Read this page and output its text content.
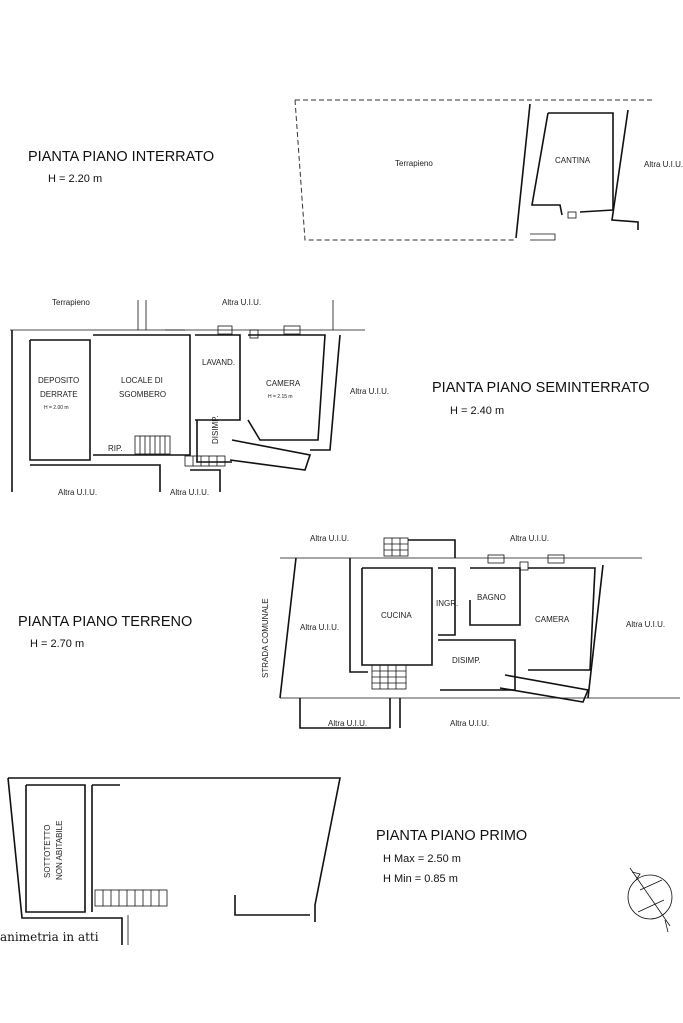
Terrapieno	CANTINA	Altra U.I.U.
PIANTA PIANO INTERRATO
H = 2.20 m
Terrapieno	Altra U.I.U.
Altra U.I.U.
Altra U.I.U.	Altra U.I.U.
DEPOSITO
DERRATE
H = 2.00 m
LOCALE DI
SGOMBERO
LAVAND.
CAMERA
H = 2.15 m
DISIMP.
RIP.
PIANTA PIANO SEMINTERRATO
H = 2.40 m
Altra U.I.U.	Altra U.I.U.
Altra U.I.U.	Altra U.I.U.
Altra U.I.U.	Altra U.I.U.
STRADA COMUNALE	CUCINA
INGR.
BAGNO
CAMERA
DISIMP.
PIANTA PIANO TERRENO
H = 2.70 m
SOTTOTETTO NON ABITABILE	PIANTA PIANO PRIMO
H Max = 2.50 m
H Min = 0.85 m
animetria in atti
